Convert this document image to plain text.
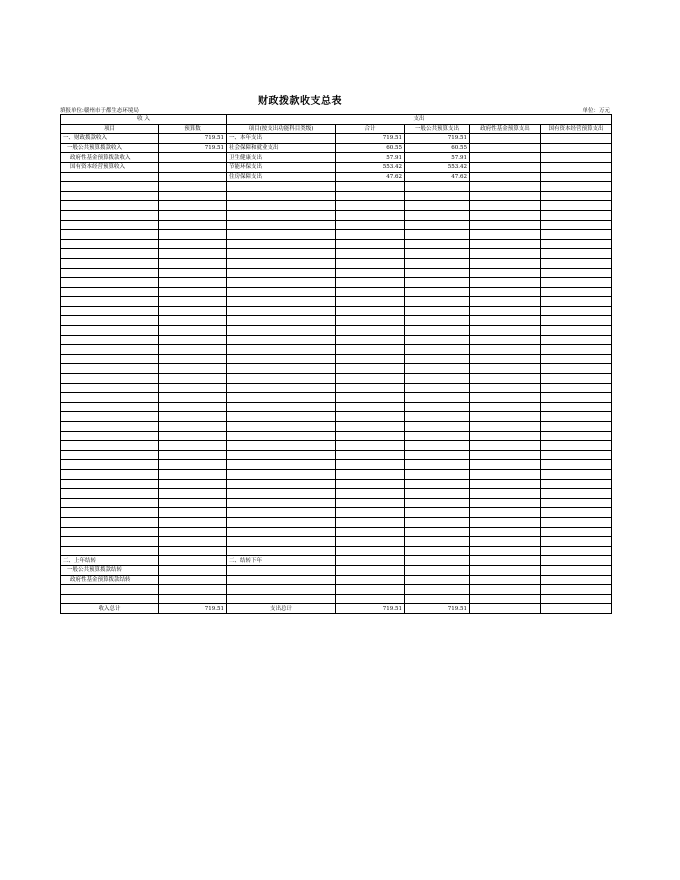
财政拨款收支总表
填报单位:赣州市于都生态环境局	单位：万元
收 入		支出				
项目	预算数	项目(按支出功能科目类级)	合计	一般公共预算支出	政府性基金预算支出	国有资本经营预算支出
一、财政拨款收入	719.51	一、本年支出	719.51	719.51		
一般公共预算拨款收入	719.51	社会保障和就业支出	60.55	60.55		
政府性基金预算拨款收入		卫生健康支出	57.91	57.91		
国有资本经营预算收入		节能环保支出	553.42	553.42		
		住房保障支出	47.62	47.62		

二、上年结转		二、结转下年				
一般公共预算拨款结转						
政府性基金预算拨款结转						

收入总计	719.51	支出总计	719.51	719.51		
